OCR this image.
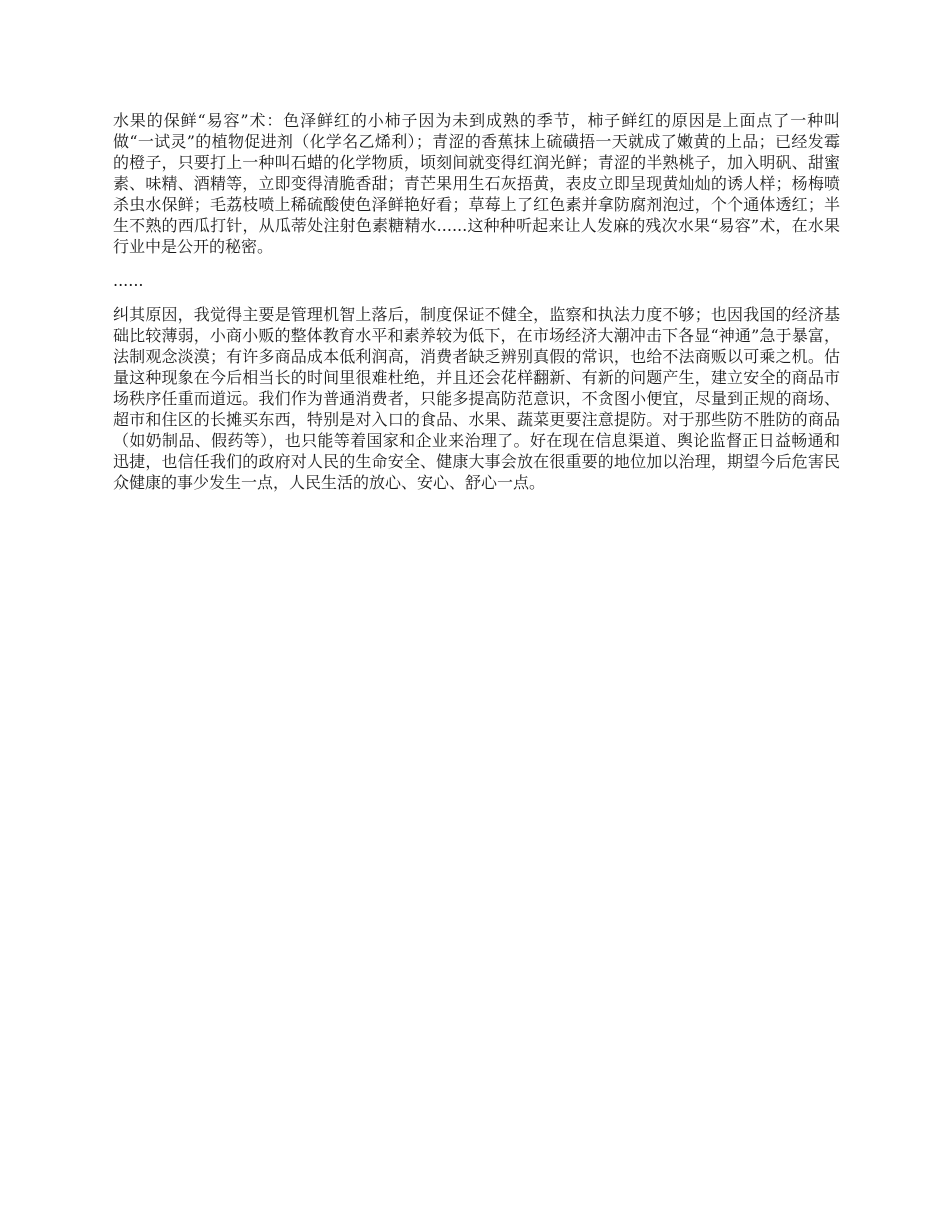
水果的保鲜“易容”术：色泽鲜红的小柿子因为未到成熟的季节，柿子鲜红的原因是上面点了一种叫做“一试灵”的植物促进剂（化学名乙烯利）；青涩的香蕉抹上硫磺捂一天就成了嫩黄的上品；已经发霉的橙子，只要打上一种叫石蜡的化学物质，顷刻间就变得红润光鲜；青涩的半熟桃子，加入明矾、甜蜜素、味精、酒精等，立即变得清脆香甜；青芒果用生石灰捂黄，表皮立即呈现黄灿灿的诱人样；杨梅喷杀虫水保鲜；毛荔枝喷上稀硫酸使色泽鲜艳好看；草莓上了红色素并拿防腐剂泡过，个个通体透红；半生不熟的西瓜打针，从瓜蒂处注射色素糖精水......这种种听起来让人发麻的残次水果“易容”术，在水果行业中是公开的秘密。

......

纠其原因，我觉得主要是管理机智上落后，制度保证不健全，监察和执法力度不够；也因我国的经济基础比较薄弱，小商小贩的整体教育水平和素养较为低下，在市场经济大潮冲击下各显“神通”急于暴富，法制观念淡漠；有许多商品成本低利润高，消费者缺乏辨别真假的常识，也给不法商贩以可乘之机。估量这种现象在今后相当长的时间里很难杜绝，并且还会花样翻新、有新的问题产生，建立安全的商品市场秩序任重而道远。我们作为普通消费者，只能多提高防范意识，不贪图小便宜，尽量到正规的商场、超市和住区的长摊买东西，特别是对入口的食品、水果、蔬菜更要注意提防。对于那些防不胜防的商品（如奶制品、假药等），也只能等着国家和企业来治理了。好在现在信息渠道、舆论监督正日益畅通和迅捷，也信任我们的政府对人民的生命安全、健康大事会放在很重要的地位加以治理，期望今后危害民众健康的事少发生一点，人民生活的放心、安心、舒心一点。
